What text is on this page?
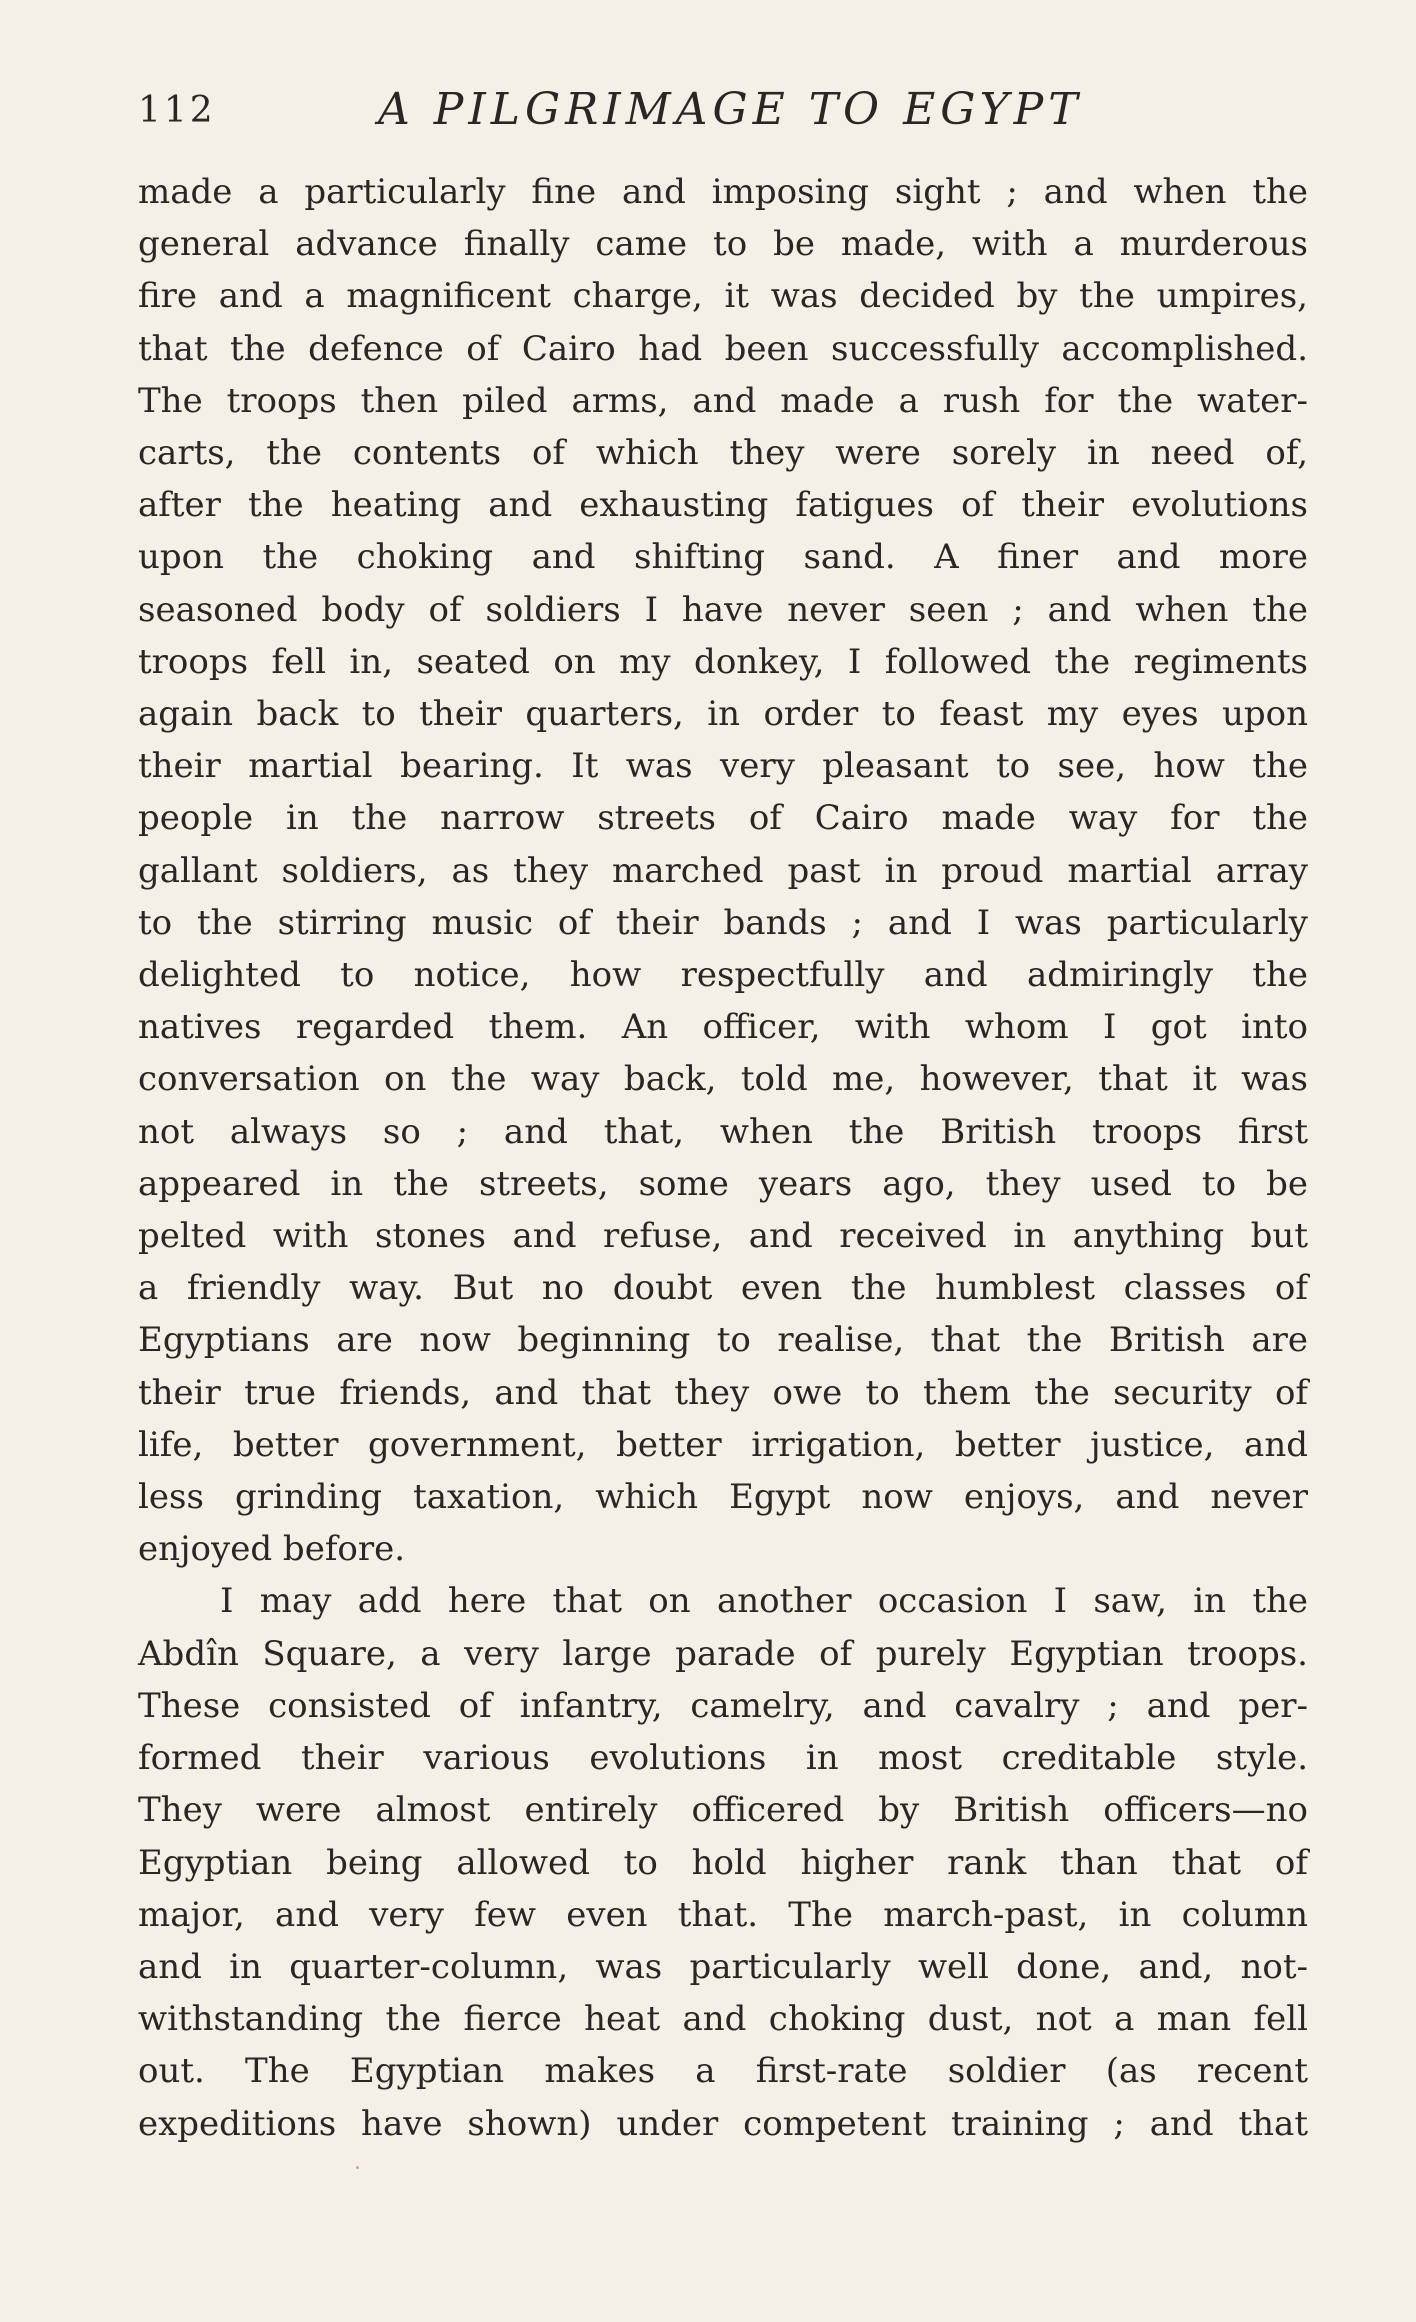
112	A PILGRIMAGE TO EGYPT

made a particularly fine and imposing sight ; and when the
general advance finally came to be made, with a murderous
fire and a magnificent charge, it was decided by the umpires,
that the defence of Cairo had been successfully accomplished.
The troops then piled arms, and made a rush for the water-
carts, the contents of which they were sorely in need of,
after the heating and exhausting fatigues of their evolutions
upon the choking and shifting sand. A finer and more
seasoned body of soldiers I have never seen ; and when the
troops fell in, seated on my donkey, I followed the regiments
again back to their quarters, in order to feast my eyes upon
their martial bearing. It was very pleasant to see, how the
people in the narrow streets of Cairo made way for the
gallant soldiers, as they marched past in proud martial array
to the stirring music of their bands ; and I was particularly
delighted to notice, how respectfully and admiringly the
natives regarded them. An officer, with whom I got into
conversation on the way back, told me, however, that it was
not always so ; and that, when the British troops first
appeared in the streets, some years ago, they used to be
pelted with stones and refuse, and received in anything but
a friendly way. But no doubt even the humblest classes of
Egyptians are now beginning to realise, that the British are
their true friends, and that they owe to them the security of
life, better government, better irrigation, better justice, and
less grinding taxation, which Egypt now enjoys, and never
enjoyed before.

I may add here that on another occasion I saw, in the
Abdîn Square, a very large parade of purely Egyptian troops.
These consisted of infantry, camelry, and cavalry ; and per-
formed their various evolutions in most creditable style.
They were almost entirely officered by British officers—no
Egyptian being allowed to hold higher rank than that of
major, and very few even that. The march-past, in column
and in quarter-column, was particularly well done, and, not-
withstanding the fierce heat and choking dust, not a man fell
out. The Egyptian makes a first-rate soldier (as recent
expeditions have shown) under competent training ; and that
